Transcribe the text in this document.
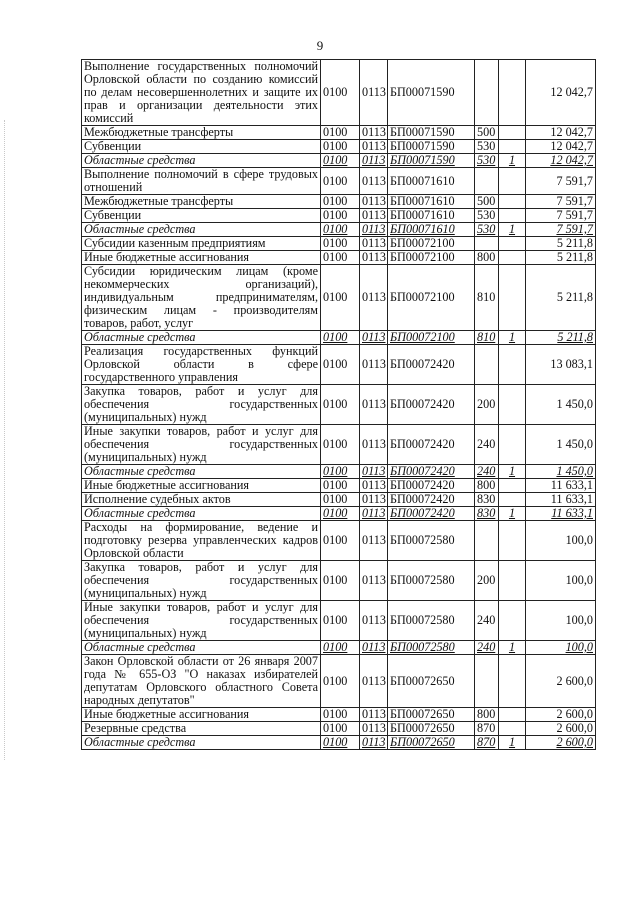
9
Выполнение государственных полномочий Орловской области по созданию комиссий по делам несовершеннолетних и защите их прав и организации деятельности этих комиссий	0100	0113	БП00071590			12 042,7
Межбюджетные трансферты	0100	0113	БП00071590	500		12 042,7
Субвенции	0100	0113	БП00071590	530		12 042,7
Областные средства	0100	0113	БП00071590	530	1	12 042,7
Выполнение полномочий в сфере трудовых отношений	0100	0113	БП00071610			7 591,7
Межбюджетные трансферты	0100	0113	БП00071610	500		7 591,7
Субвенции	0100	0113	БП00071610	530		7 591,7
Областные средства	0100	0113	БП00071610	530	1	7 591,7
Субсидии казенным предприятиям	0100	0113	БП00072100			5 211,8
Иные бюджетные ассигнования	0100	0113	БП00072100	800		5 211,8
Субсидии юридическим лицам (кроме некоммерческих организаций), индивидуальным предпринимателям, физическим лицам - производителям товаров, работ, услуг	0100	0113	БП00072100	810		5 211,8
Областные средства	0100	0113	БП00072100	810	1	5 211,8
Реализация государственных функций Орловской области в сфере государственного управления	0100	0113	БП00072420			13 083,1
Закупка товаров, работ и услуг для обеспечения государственных (муниципальных) нужд	0100	0113	БП00072420	200		1 450,0
Иные закупки товаров, работ и услуг для обеспечения государственных (муниципальных) нужд	0100	0113	БП00072420	240		1 450,0
Областные средства	0100	0113	БП00072420	240	1	1 450,0
Иные бюджетные ассигнования	0100	0113	БП00072420	800		11 633,1
Исполнение судебных актов	0100	0113	БП00072420	830		11 633,1
Областные средства	0100	0113	БП00072420	830	1	11 633,1
Расходы на формирование, ведение и подготовку резерва управленческих кадров Орловской области	0100	0113	БП00072580			100,0
Закупка товаров, работ и услуг для обеспечения государственных (муниципальных) нужд	0100	0113	БП00072580	200		100,0
Иные закупки товаров, работ и услуг для обеспечения государственных (муниципальных) нужд	0100	0113	БП00072580	240		100,0
Областные средства	0100	0113	БП00072580	240	1	100,0
Закон Орловской области от 26 января 2007 года № 655-ОЗ "О наказах избирателей депутатам Орловского областного Совета народных депутатов"	0100	0113	БП00072650			2 600,0
Иные бюджетные ассигнования	0100	0113	БП00072650	800		2 600,0
Резервные средства	0100	0113	БП00072650	870		2 600,0
Областные средства	0100	0113	БП00072650	870	1	2 600,0
